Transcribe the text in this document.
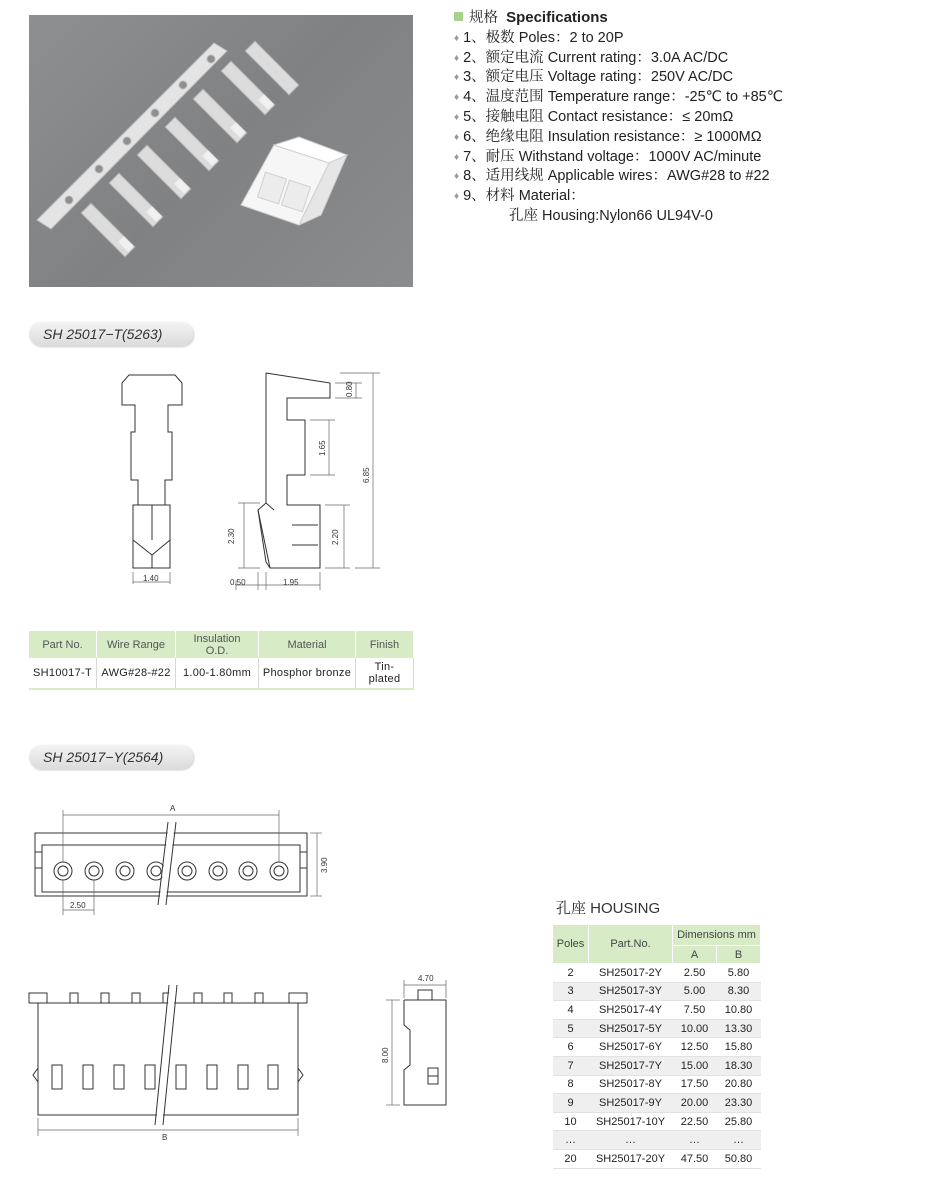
规格 Specifications
♦ 1、极数 Poles：2 to 20P
♦ 2、额定电流 Current rating：3.0A AC/DC
♦ 3、额定电压 Voltage rating：250V AC/DC
♦ 4、温度范围 Temperature range：-25℃ to +85℃
♦ 5、接触电阻 Contact resistance：≤ 20mΩ
♦ 6、绝缘电阻 Insulation resistance：≥ 1000MΩ
♦ 7、耐压 Withstand voltage：1000V AC/minute
♦ 8、适用线规 Applicable wires：AWG#28 to #22
♦ 9、材料 Material：
孔座 Housing:Nylon66 UL94V-0
SH 25017−T(5263)
1.40	0.50	1.95
2.30	2.20
1.65
0.80
6.85
Part No.	Wire Range	Insulation O.D.	Material	Finish
SH10017-T	AWG#28-#22	1.00-1.80mm	Phosphor bronze	Tin-plated
SH 25017−Y(2564)
A
2.50
3.90
B
4.70
8.00
孔座 HOUSING
Poles	Part.No.	Dimensions mm	
		A	B
2	SH25017-2Y	2.50	5.80
3	SH25017-3Y	5.00	8.30
4	SH25017-4Y	7.50	10.80
5	SH25017-5Y	10.00	13.30
6	SH25017-6Y	12.50	15.80
7	SH25017-7Y	15.00	18.30
8	SH25017-8Y	17.50	20.80
9	SH25017-9Y	20.00	23.30
10	SH25017-10Y	22.50	25.80
…	…	…	…
20	SH25017-20Y	47.50	50.80
